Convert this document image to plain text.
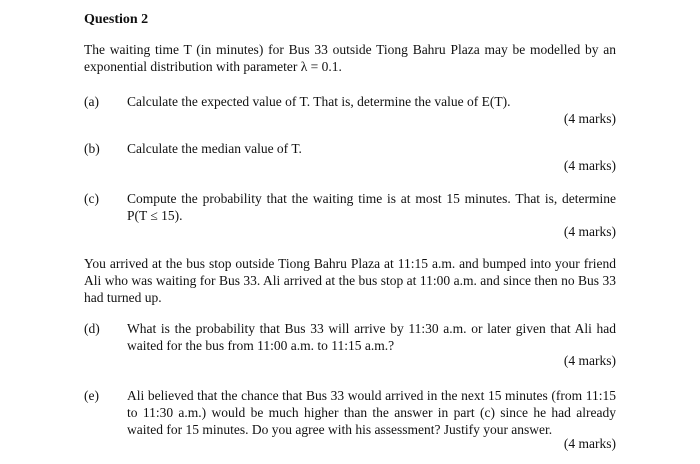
Question 2
The waiting time T (in minutes) for Bus 33 outside Tiong Bahru Plaza may be modelled by an exponential distribution with parameter λ = 0.1.
(a) Calculate the expected value of T. That is, determine the value of E(T).
(4 marks)
(b) Calculate the median value of T.
(4 marks)
(c) Compute the probability that the waiting time is at most 15 minutes. That is, determine P(T ≤ 15).
(4 marks)
You arrived at the bus stop outside Tiong Bahru Plaza at 11:15 a.m. and bumped into your friend Ali who was waiting for Bus 33. Ali arrived at the bus stop at 11:00 a.m. and since then no Bus 33 had turned up.
(d) What is the probability that Bus 33 will arrive by 11:30 a.m. or later given that Ali had waited for the bus from 11:00 a.m. to 11:15 a.m.?
(4 marks)
(e) Ali believed that the chance that Bus 33 would arrived in the next 15 minutes (from 11:15 to 11:30 a.m.) would be much higher than the answer in part (c) since he had already waited for 15 minutes. Do you agree with his assessment? Justify your answer.
(4 marks)
